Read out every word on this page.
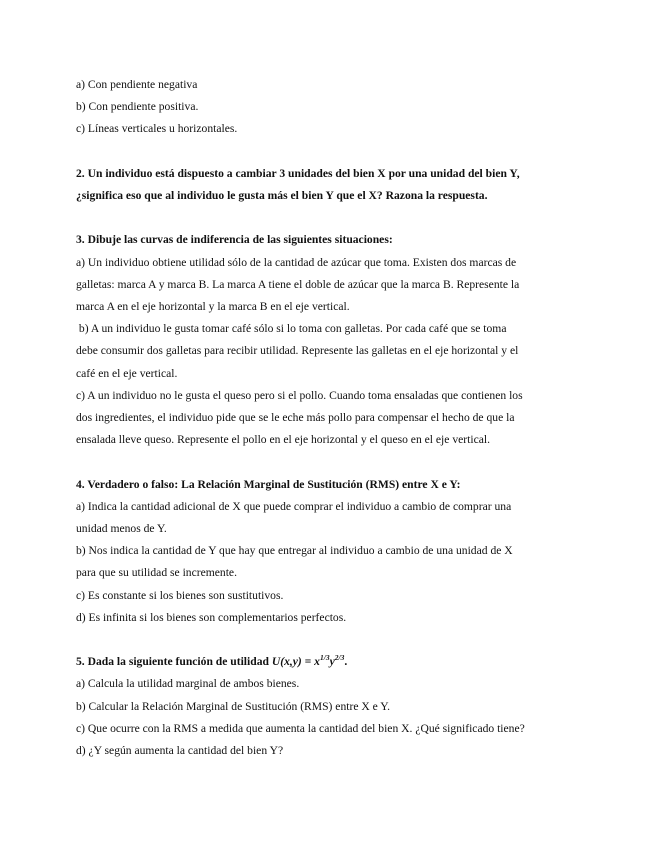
a) Con pendiente negativa
b) Con pendiente positiva.
c) Líneas verticales u horizontales.
2. Un individuo está dispuesto a cambiar 3 unidades del bien X por una unidad del bien Y,
¿significa eso que al individuo le gusta más el bien Y que el X? Razona la respuesta.
3. Dibuje las curvas de indiferencia de las siguientes situaciones:
a) Un individuo obtiene utilidad sólo de la cantidad de azúcar que toma. Existen dos marcas de
galletas: marca A y marca B. La marca A tiene el doble de azúcar que la marca B. Represente la
marca A en el eje horizontal y la marca B en el eje vertical.
b) A un individuo le gusta tomar café sólo si lo toma con galletas. Por cada café que se toma
debe consumir dos galletas para recibir utilidad. Represente las galletas en el eje horizontal y el
café en el eje vertical.
c) A un individuo no le gusta el queso pero si el pollo. Cuando toma ensaladas que contienen los
dos ingredientes, el individuo pide que se le eche más pollo para compensar el hecho de que la
ensalada lleve queso. Represente el pollo en el eje horizontal y el queso en el eje vertical.
4. Verdadero o falso: La Relación Marginal de Sustitución (RMS) entre X e Y:
a) Indica la cantidad adicional de X que puede comprar el individuo a cambio de comprar una
unidad menos de Y.
b) Nos indica la cantidad de Y que hay que entregar al individuo a cambio de una unidad de X
para que su utilidad se incremente.
c) Es constante si los bienes son sustitutivos.
d) Es infinita si los bienes son complementarios perfectos.
5. Dada la siguiente función de utilidad $U(x,y) = x^{1/3}y^{2/3}$.
a) Calcula la utilidad marginal de ambos bienes.
b) Calcular la Relación Marginal de Sustitución (RMS) entre X e Y.
c) Que ocurre con la RMS a medida que aumenta la cantidad del bien X. ¿Qué significado tiene?
d) ¿Y según aumenta la cantidad del bien Y?
